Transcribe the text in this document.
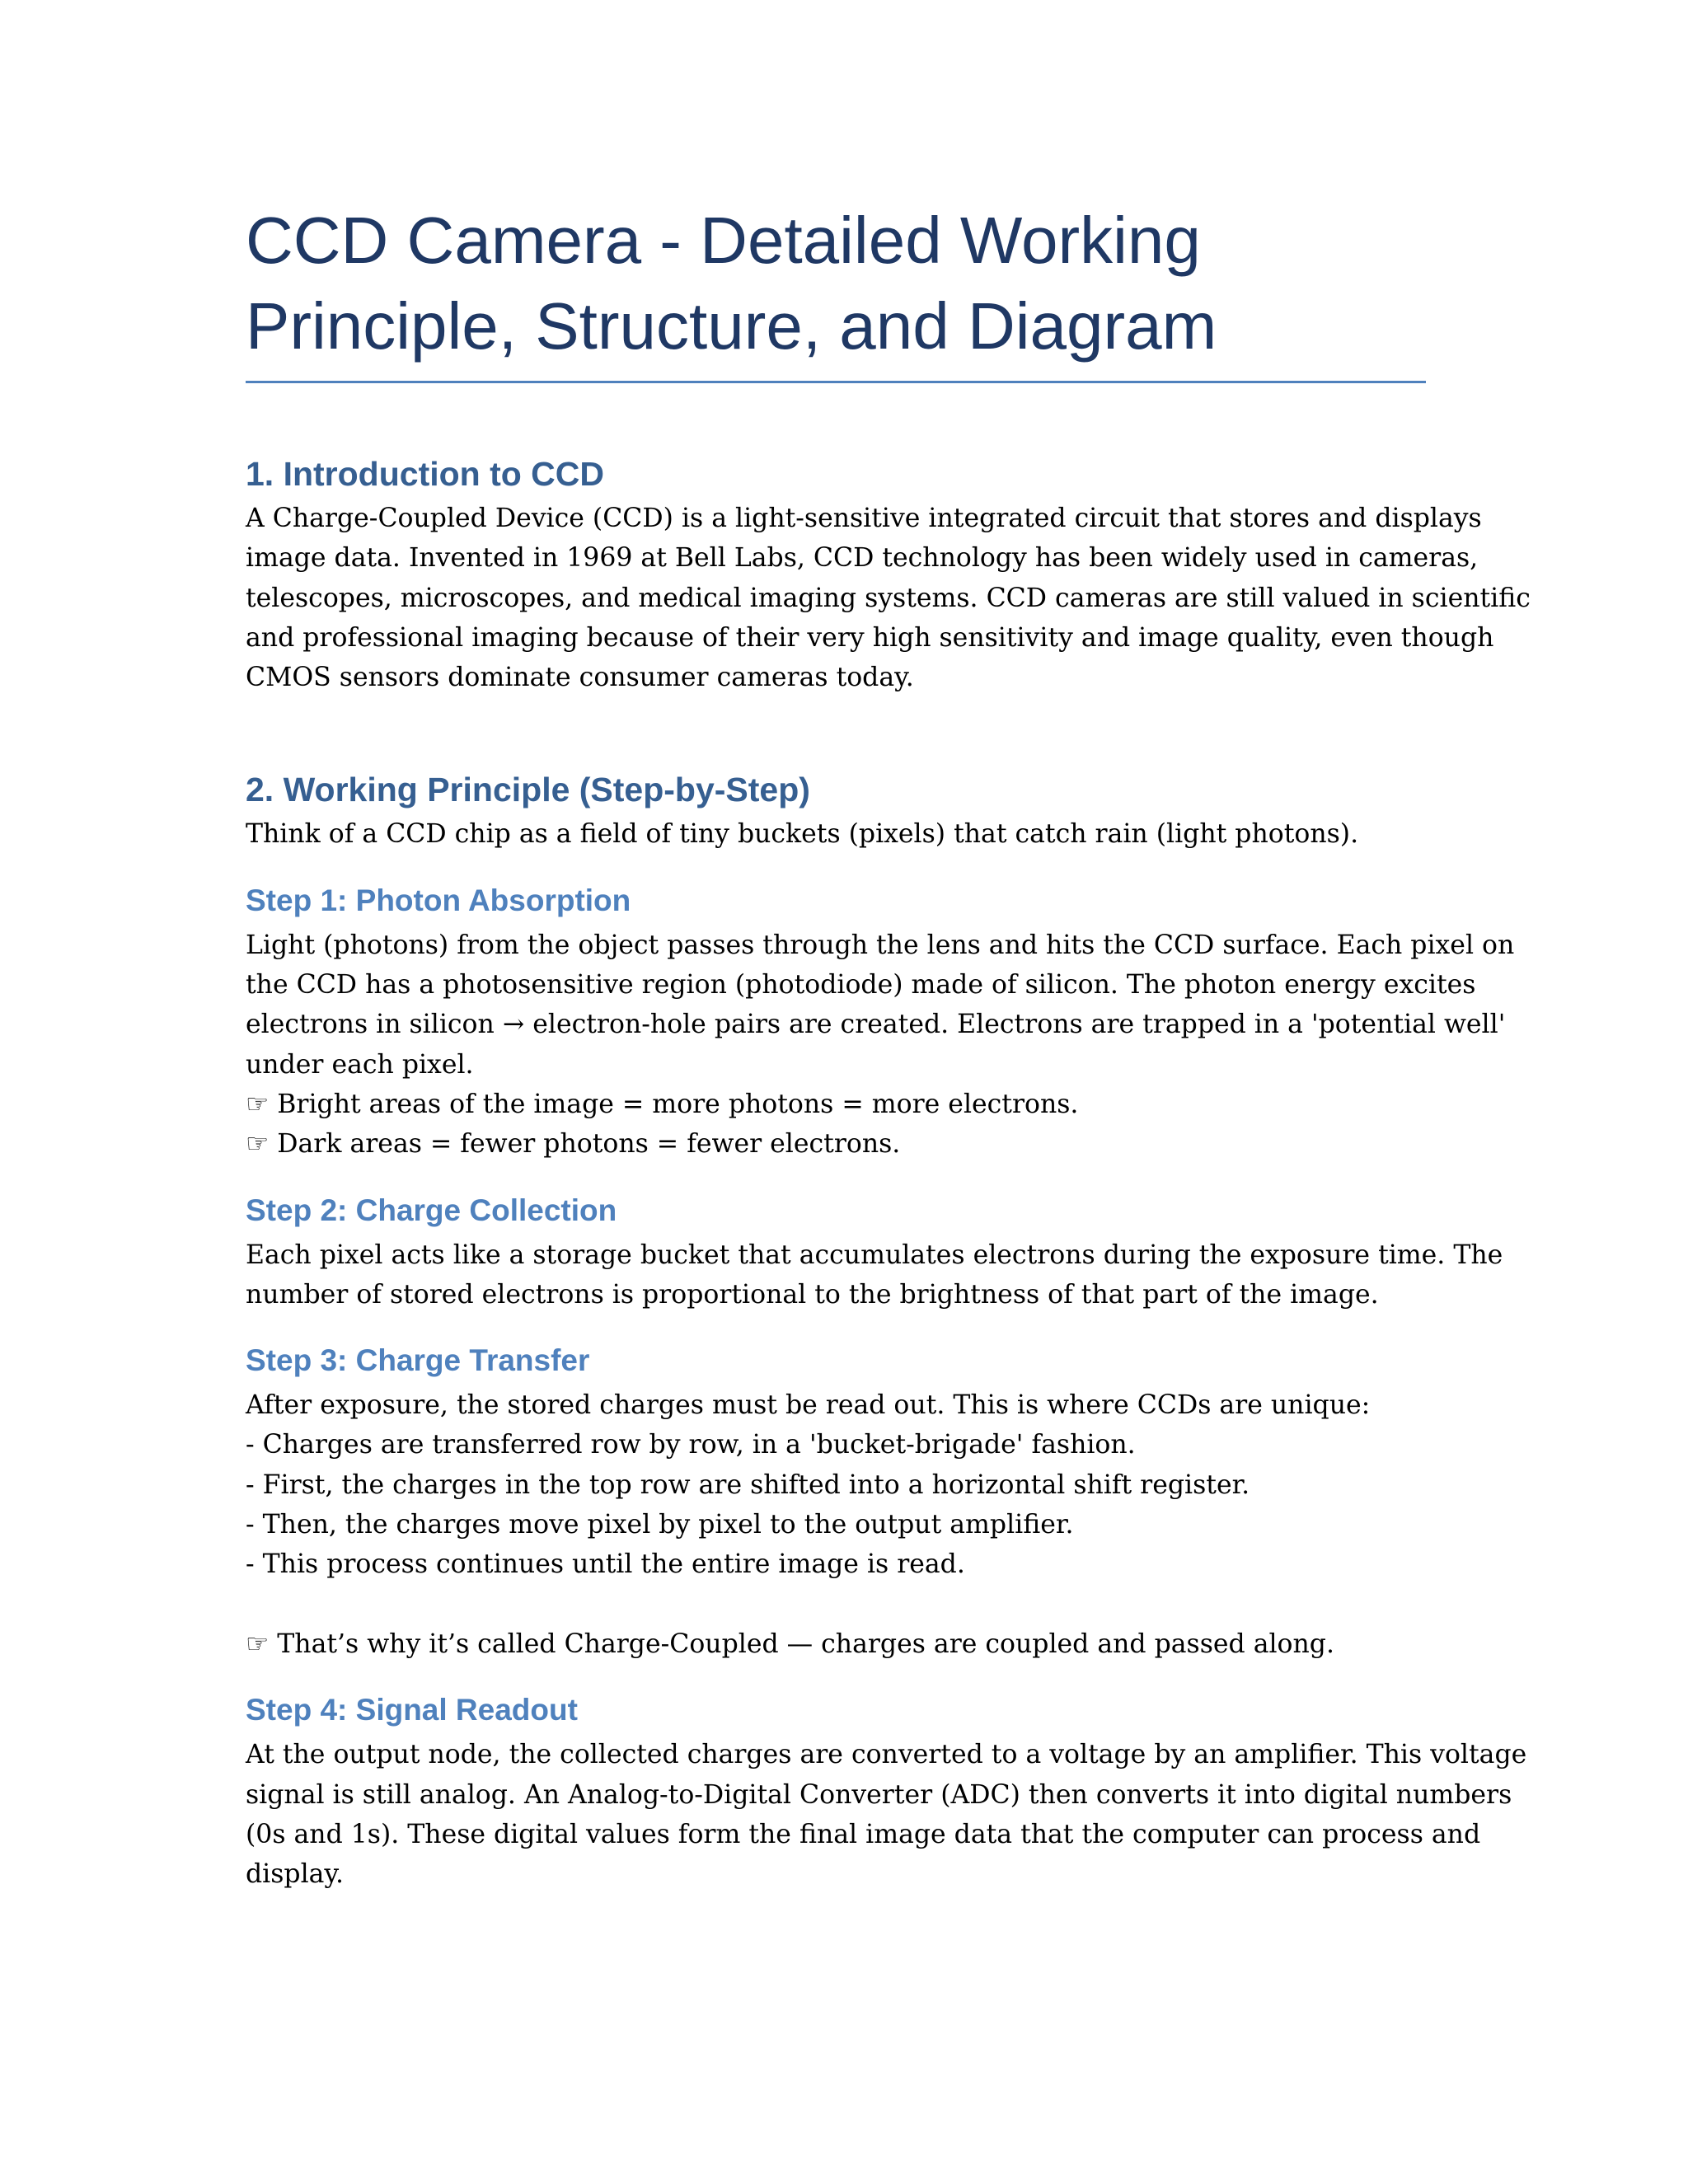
CCD Camera - Detailed Working
Principle, Structure, and Diagram
1. Introduction to CCD

A Charge-Coupled Device (CCD) is a light-sensitive integrated circuit that stores and displays
image data. Invented in 1969 at Bell Labs, CCD technology has been widely used in cameras,
telescopes, microscopes, and medical imaging systems. CCD cameras are still valued in scientific
and professional imaging because of their very high sensitivity and image quality, even though
CMOS sensors dominate consumer cameras today.

2. Working Principle (Step-by-Step)

Think of a CCD chip as a field of tiny buckets (pixels) that catch rain (light photons).

Step 1: Photon Absorption

Light (photons) from the object passes through the lens and hits the CCD surface. Each pixel on
the CCD has a photosensitive region (photodiode) made of silicon. The photon energy excites
electrons in silicon → electron-hole pairs are created. Electrons are trapped in a 'potential well'
under each pixel.
☞ Bright areas of the image = more photons = more electrons.
☞ Dark areas = fewer photons = fewer electrons.

Step 2: Charge Collection

Each pixel acts like a storage bucket that accumulates electrons during the exposure time. The
number of stored electrons is proportional to the brightness of that part of the image.

Step 3: Charge Transfer

After exposure, the stored charges must be read out. This is where CCDs are unique:
- Charges are transferred row by row, in a 'bucket-brigade' fashion.
- First, the charges in the top row are shifted into a horizontal shift register.
- Then, the charges move pixel by pixel to the output amplifier.
- This process continues until the entire image is read.
☞ That’s why it’s called Charge-Coupled — charges are coupled and passed along.

Step 4: Signal Readout

At the output node, the collected charges are converted to a voltage by an amplifier. This voltage
signal is still analog. An Analog-to-Digital Converter (ADC) then converts it into digital numbers
(0s and 1s). These digital values form the final image data that the computer can process and
display.
